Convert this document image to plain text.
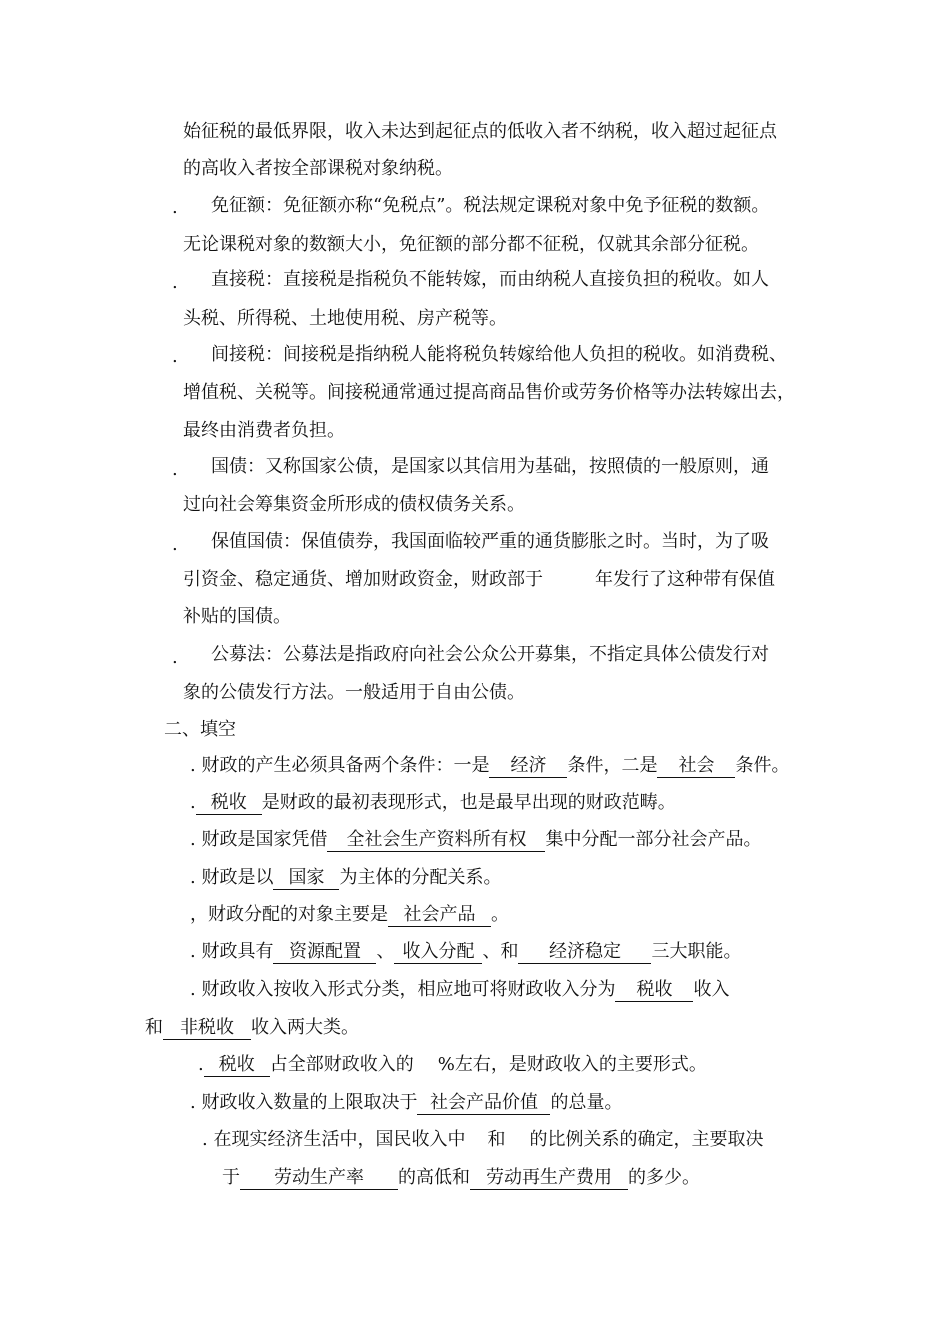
始征税的最低界限，收入未达到起征点的低收入者不纳税，收入超过起征点
的高收入者按全部课税对象纳税。
. 免征额：免征额亦称“免税点”。税法规定课税对象中免予征税的数额。
无论课税对象的数额大小，免征额的部分都不征税，仅就其余部分征税。
. 直接税：直接税是指税负不能转嫁，而由纳税人直接负担的税收。如人
头税、所得税、土地使用税、房产税等。
. 间接税：间接税是指纳税人能将税负转嫁给他人负担的税收。如消费税、
增值税、关税等。间接税通常通过提高商品售价或劳务价格等办法转嫁出去，
最终由消费者负担。
. 国债：又称国家公债，是国家以其信用为基础，按照债的一般原则，通
过向社会筹集资金所形成的债权债务关系。
. 保值国债：保值债券，我国面临较严重的通货膨胀之时。当时，为了吸
引资金、稳定通货、增加财政资金，财政部于	年发行了这种带有保值
补贴的国债。
. 公募法：公募法是指政府向社会公众公开募集，不指定具体公债发行对
象的公债发行方法。一般适用于自由公债。
二、填空
. 财政的产生必须具备两个条件：一是 经济 条件，二是 社会 条件。
. 税收 是财政的最初表现形式，也是最早出现的财政范畴。
. 财政是国家凭借 全社会生产资料所有权 集中分配一部分社会产品。
. 财政是以 国家 为主体的分配关系。
，财政分配的对象主要是 社会产品 。
. 财政具有 资源配置 、 收入分配 、和 经济稳定 三大职能。
. 财政收入按收入形式分类，相应地可将财政收入分为 税收 收入
和 非税收 收入两大类。
. 税收 占全部财政收入的 %左右，是财政收入的主要形式。
. 财政收入数量的上限取决于 社会产品价值 的总量。
. 在现实经济生活中，国民收入中 和 的比例关系的确定，主要取决
于 劳动生产率 的高低和 劳动再生产费用 的多少。
